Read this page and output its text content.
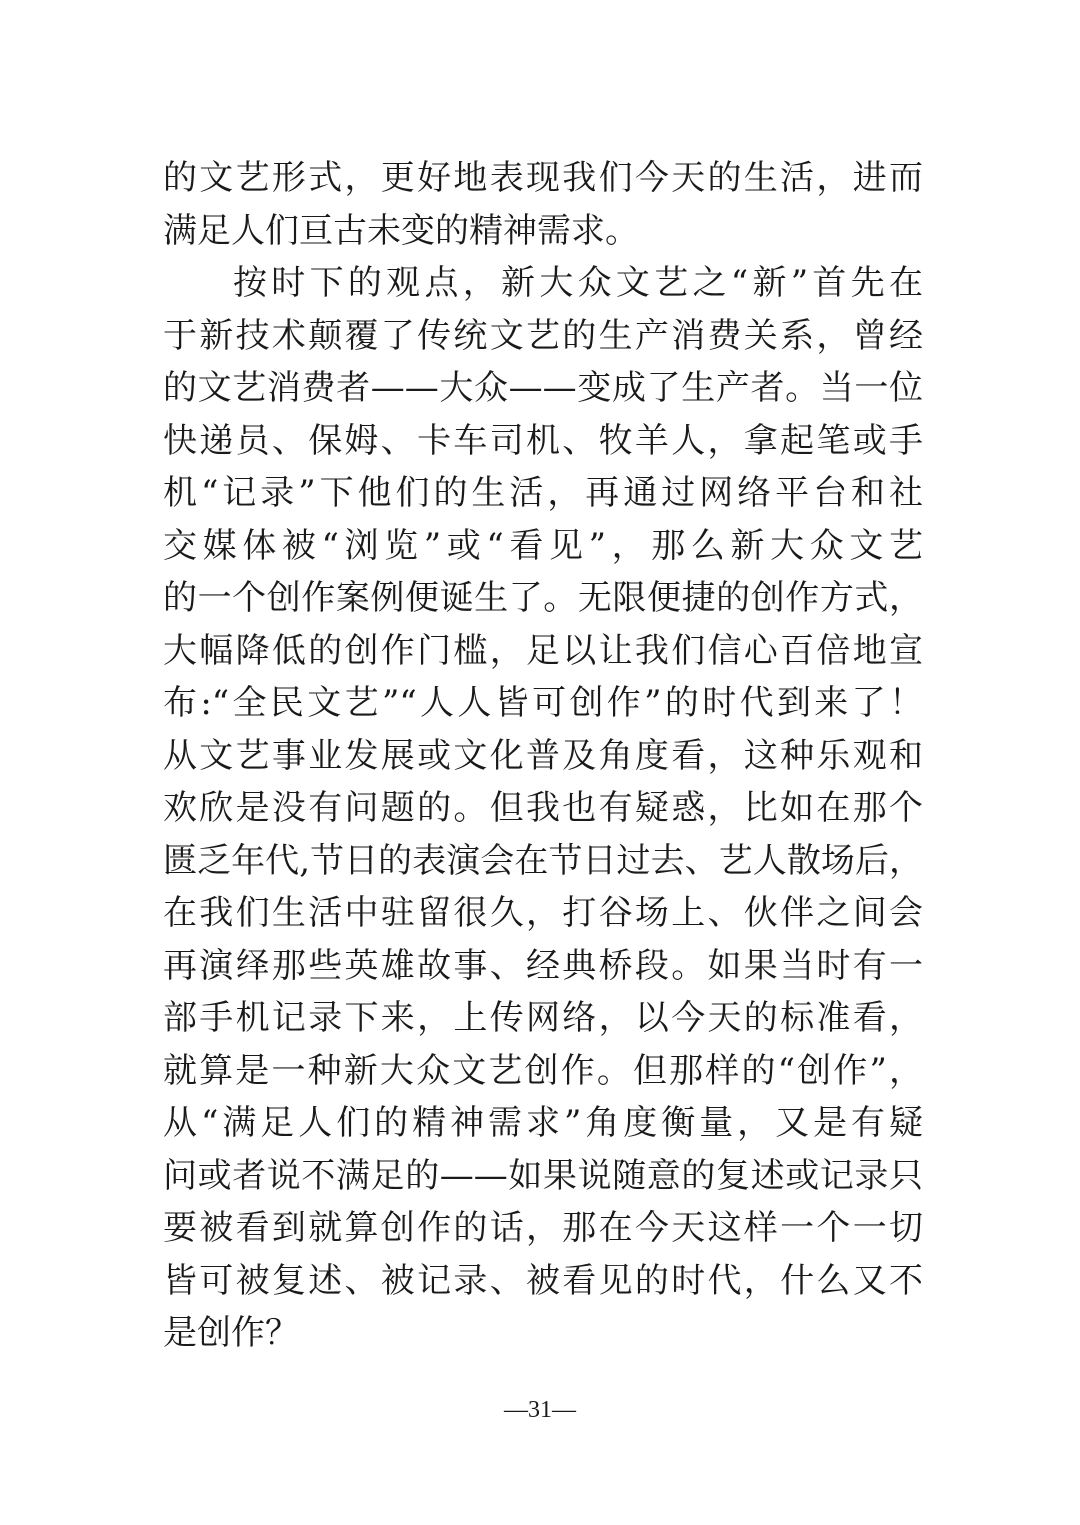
的文艺形式，更好地表现我们今天的生活，进而
满足人们亘古未变的精神需求。
按时下的观点，新大众文艺之“新”首先在
于新技术颠覆了传统文艺的生产消费关系，曾经
的文艺消费者——大众——变成了生产者。当一位
快递员、保姆、卡车司机、牧羊人，拿起笔或手
机“记录”下他们的生活，再通过网络平台和社
交媒体被“浏览”或“看见”，那么新大众文艺
的一个创作案例便诞生了。无限便捷的创作方式，
大幅降低的创作门槛，足以让我们信心百倍地宣
布:“全民文艺”“人人皆可创作”的时代到来了！
从文艺事业发展或文化普及角度看，这种乐观和
欢欣是没有问题的。但我也有疑惑，比如在那个
匮乏年代,节日的表演会在节日过去、艺人散场后，
在我们生活中驻留很久，打谷场上、伙伴之间会
再演绎那些英雄故事、经典桥段。如果当时有一
部手机记录下来，上传网络，以今天的标准看，
就算是一种新大众文艺创作。但那样的“创作”，
从“满足人们的精神需求”角度衡量，又是有疑
问或者说不满足的——如果说随意的复述或记录只
要被看到就算创作的话，那在今天这样一个一切
皆可被复述、被记录、被看见的时代，什么又不
是创作？
—31—
